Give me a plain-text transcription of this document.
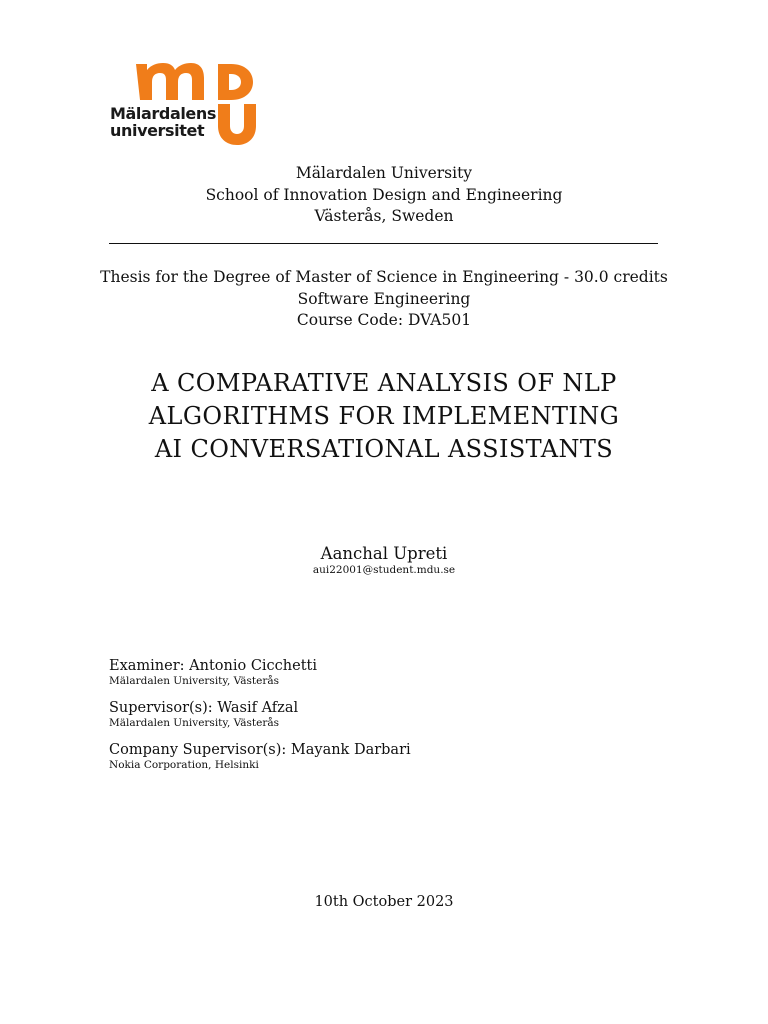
Mälardalens
universitet
Mälardalen University
School of Innovation Design and Engineering
Västerås, Sweden
Thesis for the Degree of Master of Science in Engineering - 30.0 credits
Software Engineering
Course Code: DVA501
A COMPARATIVE ANALYSIS OF NLP
ALGORITHMS FOR IMPLEMENTING
AI CONVERSATIONAL ASSISTANTS
Aanchal Upreti
aui22001@student.mdu.se
Examiner: Antonio Cicchetti
Mälardalen University, Västerås
Supervisor(s): Wasif Afzal
Mälardalen University, Västerås
Company Supervisor(s): Mayank Darbari
Nokia Corporation, Helsinki
10th October 2023
